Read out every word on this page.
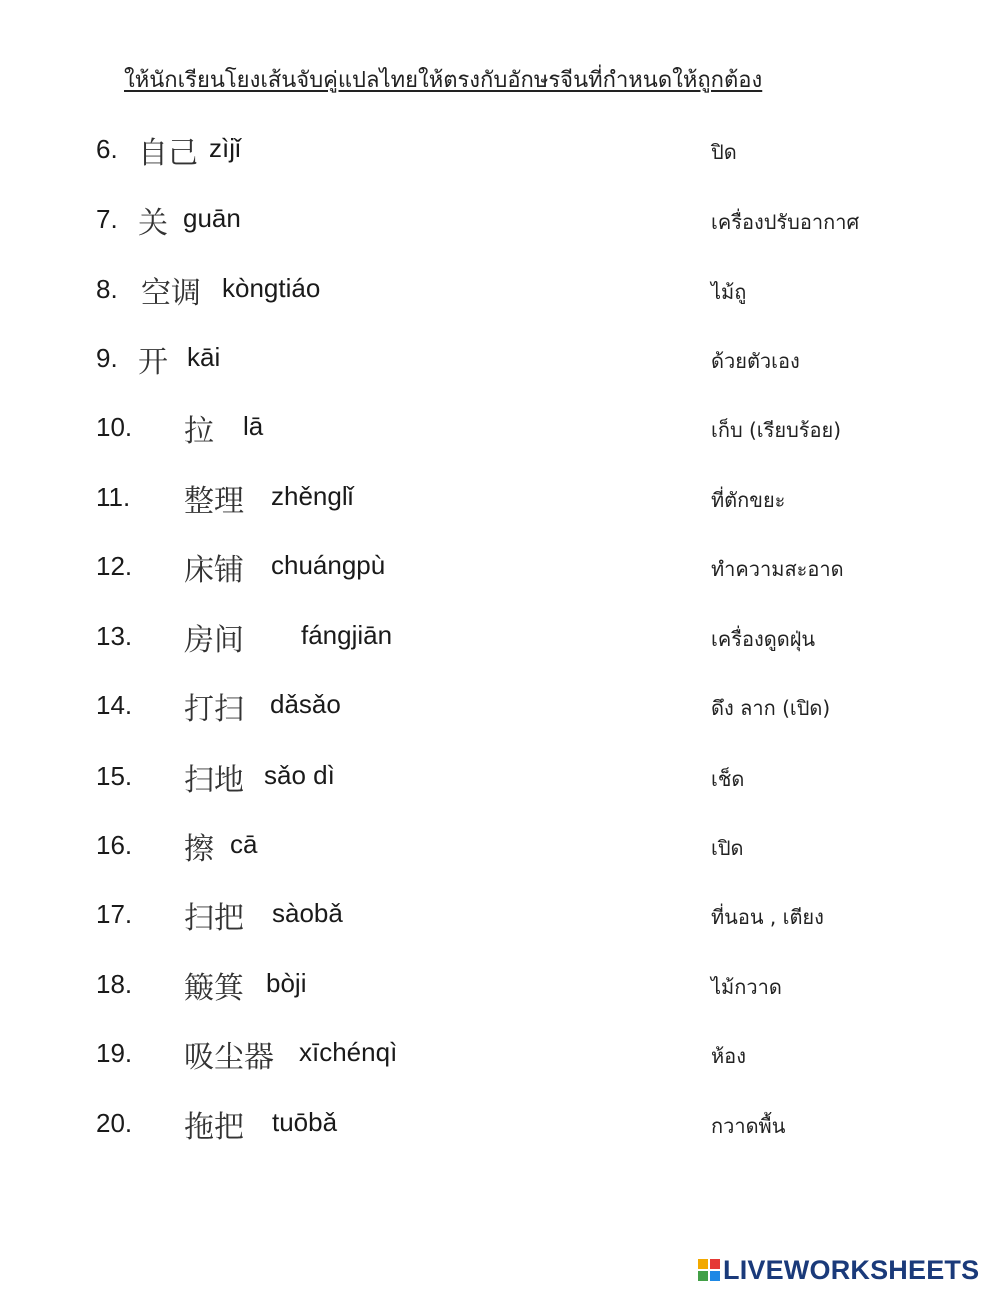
ให้นักเรียนโยงเส้นจับคู่แปลไทยให้ตรงกับอักษรจีนที่กำหนดให้ถูกต้อง
6. 自己 zìjǐ	ปิด
7. 关 guān	เครื่องปรับอากาศ
8. 空调 kòngtiáo	ไม้ถู
9. 开 kāi	ด้วยตัวเอง
10. 拉 lā	เก็บ (เรียบร้อย)
11. 整理 zhěnglǐ	ที่ตักขยะ
12. 床铺 chuángpù	ทำความสะอาด
13. 房间 fángjiān	เครื่องดูดฝุ่น
14. 打扫 dǎsǎo	ดึง ลาก (เปิด)
15. 扫地 sǎo dì	เช็ด
16. 擦 cā	เปิด
17. 扫把 sàobǎ	ที่นอน , เตียง
18. 簸箕 bòji	ไม้กวาด
19. 吸尘器 xīchénqì	ห้อง
20. 拖把 tuōbǎ	กวาดพื้น
LIVEWORKSHEETS
